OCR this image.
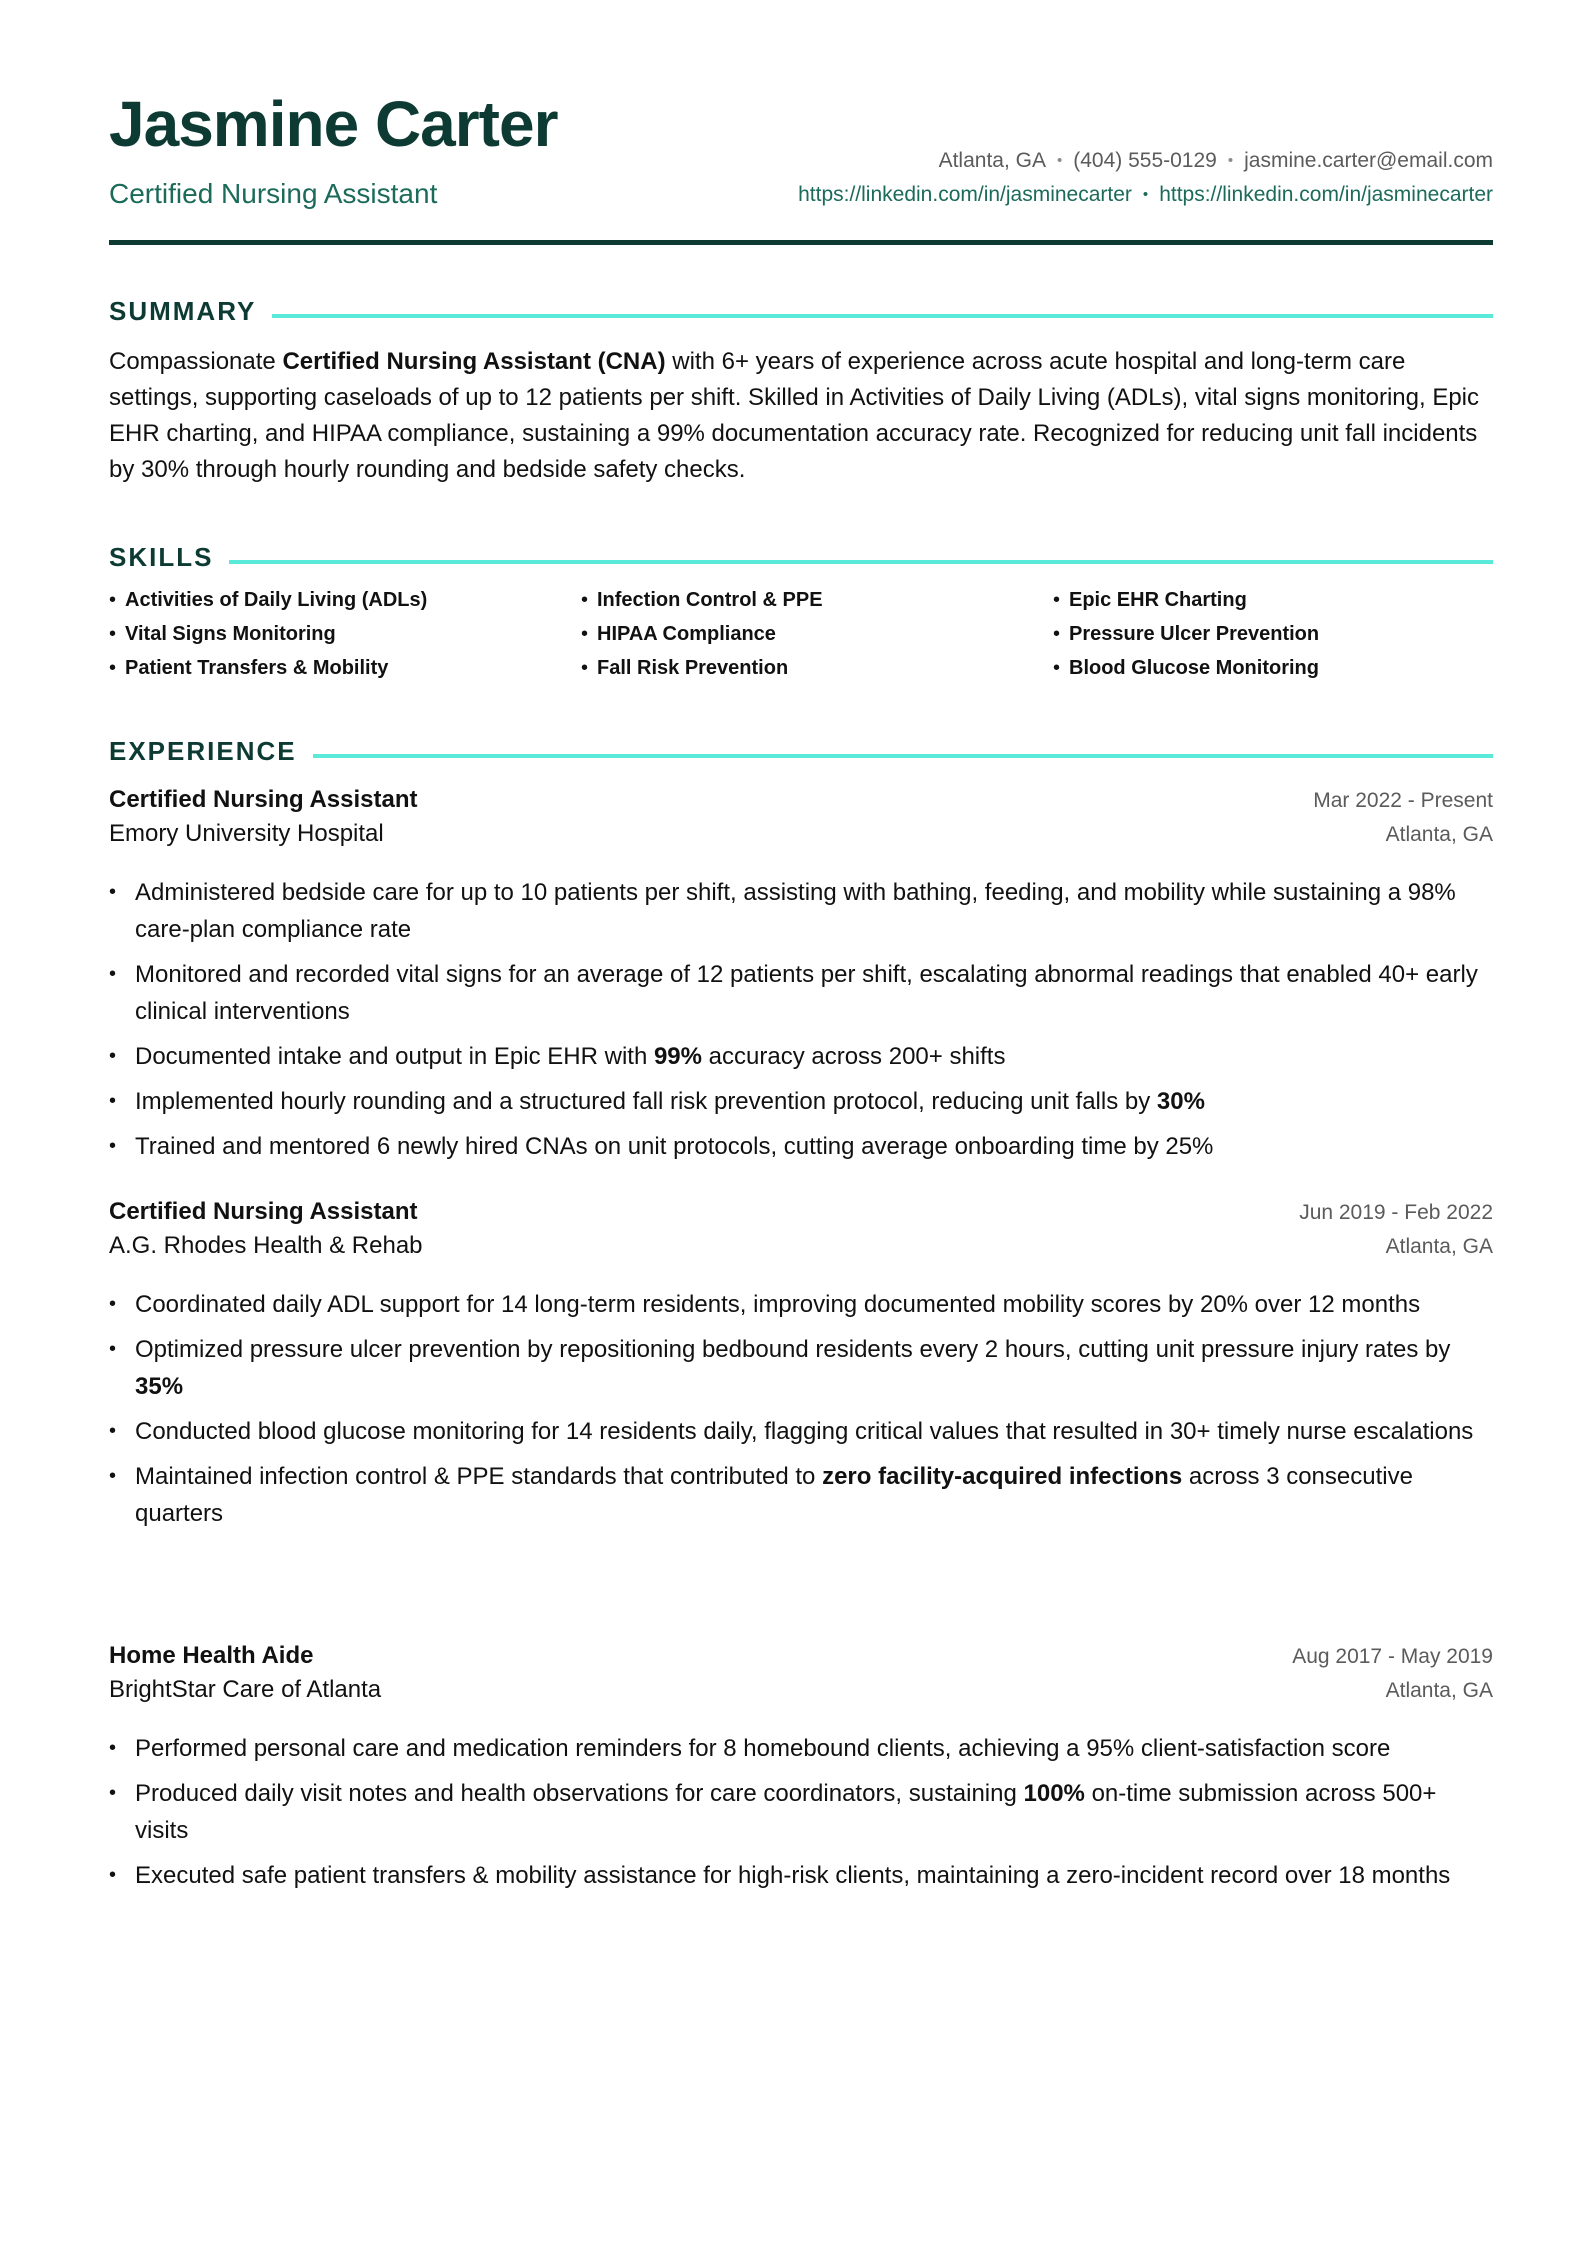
Jasmine Carter
Certified Nursing Assistant
Atlanta, GA • (404) 555-0129 • jasmine.carter@email.com
https://linkedin.com/in/jasminecarter • https://linkedin.com/in/jasminecarter
SUMMARY
Compassionate Certified Nursing Assistant (CNA) with 6+ years of experience across acute hospital and long-term care settings, supporting caseloads of up to 12 patients per shift. Skilled in Activities of Daily Living (ADLs), vital signs monitoring, Epic EHR charting, and HIPAA compliance, sustaining a 99% documentation accuracy rate. Recognized for reducing unit fall incidents by 30% through hourly rounding and bedside safety checks.
SKILLS
• Activities of Daily Living (ADLs)	• Infection Control & PPE	• Epic EHR Charting
• Vital Signs Monitoring	• HIPAA Compliance	• Pressure Ulcer Prevention
• Patient Transfers & Mobility	• Fall Risk Prevention	• Blood Glucose Monitoring
EXPERIENCE
Certified Nursing Assistant	Mar 2022 - Present
Emory University Hospital	Atlanta, GA
• Administered bedside care for up to 10 patients per shift, assisting with bathing, feeding, and mobility while sustaining a 98% care-plan compliance rate
• Monitored and recorded vital signs for an average of 12 patients per shift, escalating abnormal readings that enabled 40+ early clinical interventions
• Documented intake and output in Epic EHR with 99% accuracy across 200+ shifts
• Implemented hourly rounding and a structured fall risk prevention protocol, reducing unit falls by 30%
• Trained and mentored 6 newly hired CNAs on unit protocols, cutting average onboarding time by 25%
Certified Nursing Assistant	Jun 2019 - Feb 2022
A.G. Rhodes Health & Rehab	Atlanta, GA
• Coordinated daily ADL support for 14 long-term residents, improving documented mobility scores by 20% over 12 months
• Optimized pressure ulcer prevention by repositioning bedbound residents every 2 hours, cutting unit pressure injury rates by 35%
• Conducted blood glucose monitoring for 14 residents daily, flagging critical values that resulted in 30+ timely nurse escalations
• Maintained infection control & PPE standards that contributed to zero facility-acquired infections across 3 consecutive quarters
Home Health Aide	Aug 2017 - May 2019
BrightStar Care of Atlanta	Atlanta, GA
• Performed personal care and medication reminders for 8 homebound clients, achieving a 95% client-satisfaction score
• Produced daily visit notes and health observations for care coordinators, sustaining 100% on-time submission across 500+ visits
• Executed safe patient transfers & mobility assistance for high-risk clients, maintaining a zero-incident record over 18 months
